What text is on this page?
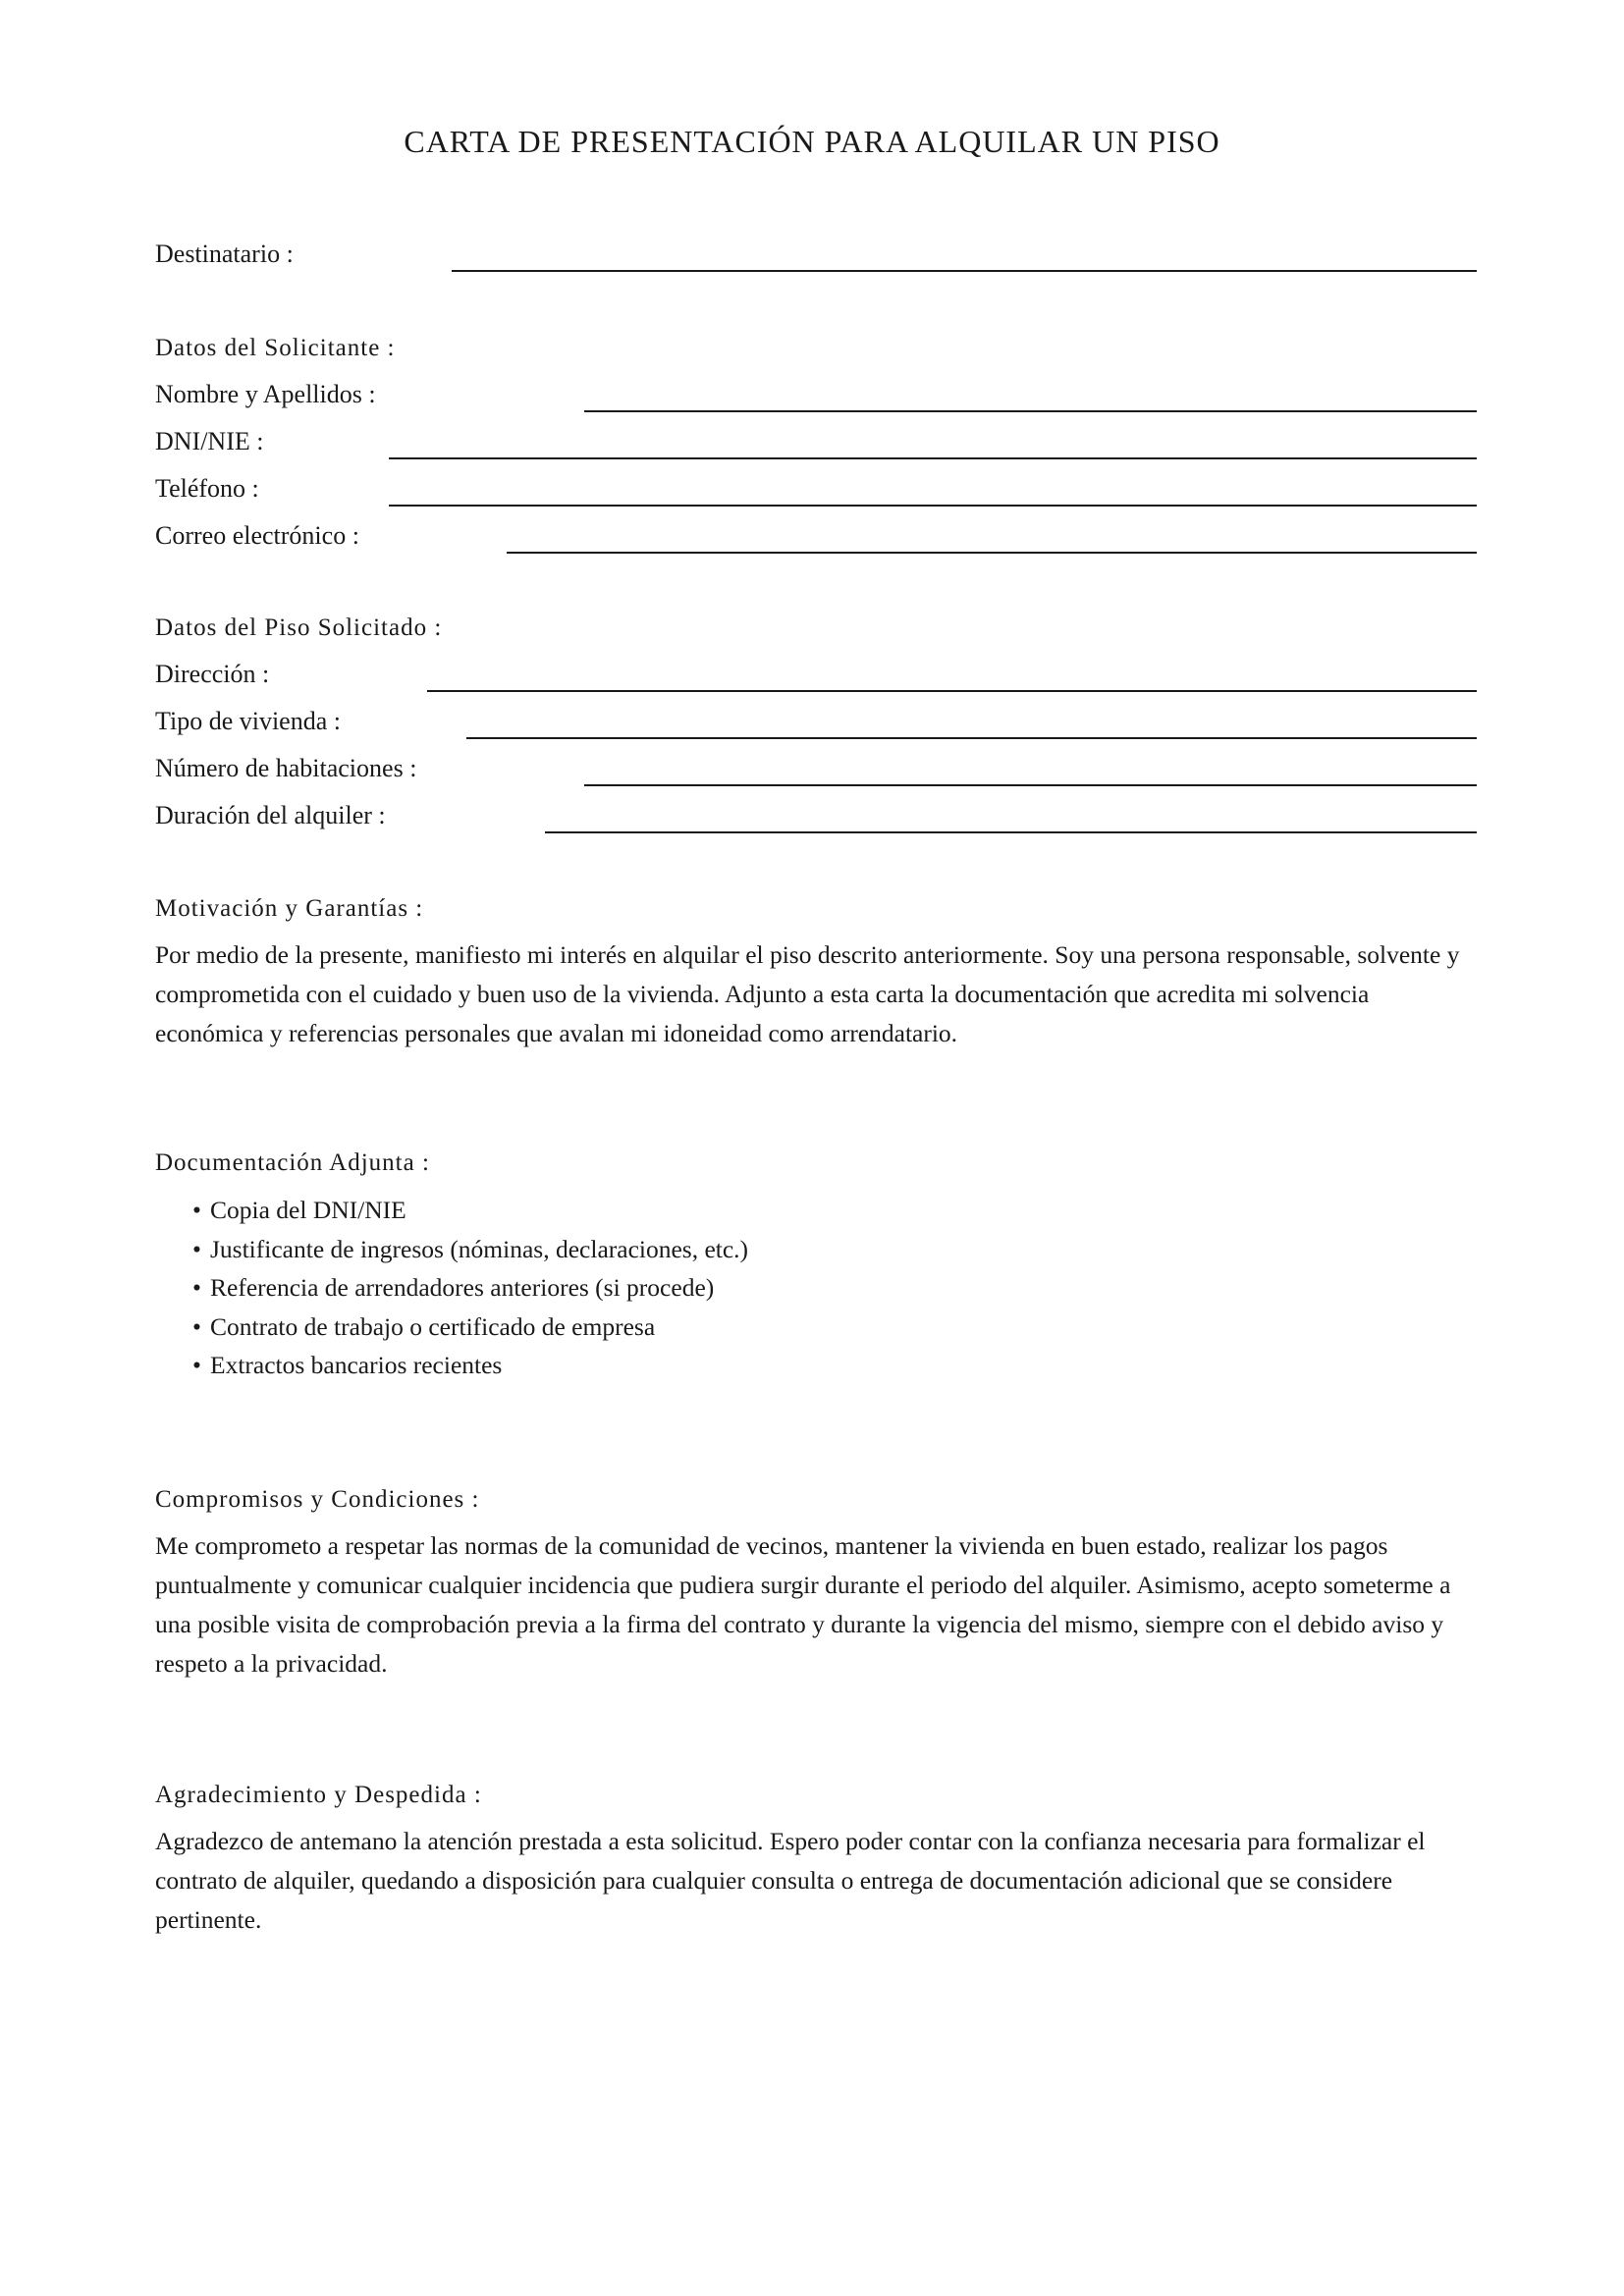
CARTA DE PRESENTACIÓN PARA ALQUILAR UN PISO
Destinatario :
Datos del Solicitante :
Nombre y Apellidos :
DNI/NIE :
Teléfono :
Correo electrónico :
Datos del Piso Solicitado :
Dirección :
Tipo de vivienda :
Número de habitaciones :
Duración del alquiler :
Motivación y Garantías :

Por medio de la presente, manifiesto mi interés en alquilar el piso descrito anteriormente. Soy una persona responsable, solvente y comprometida con el cuidado y buen uso de la vivienda. Adjunto a esta carta la documentación que acredita mi solvencia económica y referencias personales que avalan mi idoneidad como arrendatario.

Documentación Adjunta :
• Copia del DNI/NIE
• Justificante de ingresos (nóminas, declaraciones, etc.)
• Referencia de arrendadores anteriores (si procede)
• Contrato de trabajo o certificado de empresa
• Extractos bancarios recientes
Compromisos y Condiciones :

Me comprometo a respetar las normas de la comunidad de vecinos, mantener la vivienda en buen estado, realizar los pagos puntualmente y comunicar cualquier incidencia que pudiera surgir durante el periodo del alquiler. Asimismo, acepto someterme a una posible visita de comprobación previa a la firma del contrato y durante la vigencia del mismo, siempre con el debido aviso y respeto a la privacidad.

Agradecimiento y Despedida :

Agradezco de antemano la atención prestada a esta solicitud. Espero poder contar con la confianza necesaria para formalizar el contrato de alquiler, quedando a disposición para cualquier consulta o entrega de documentación adicional que se considere pertinente.
